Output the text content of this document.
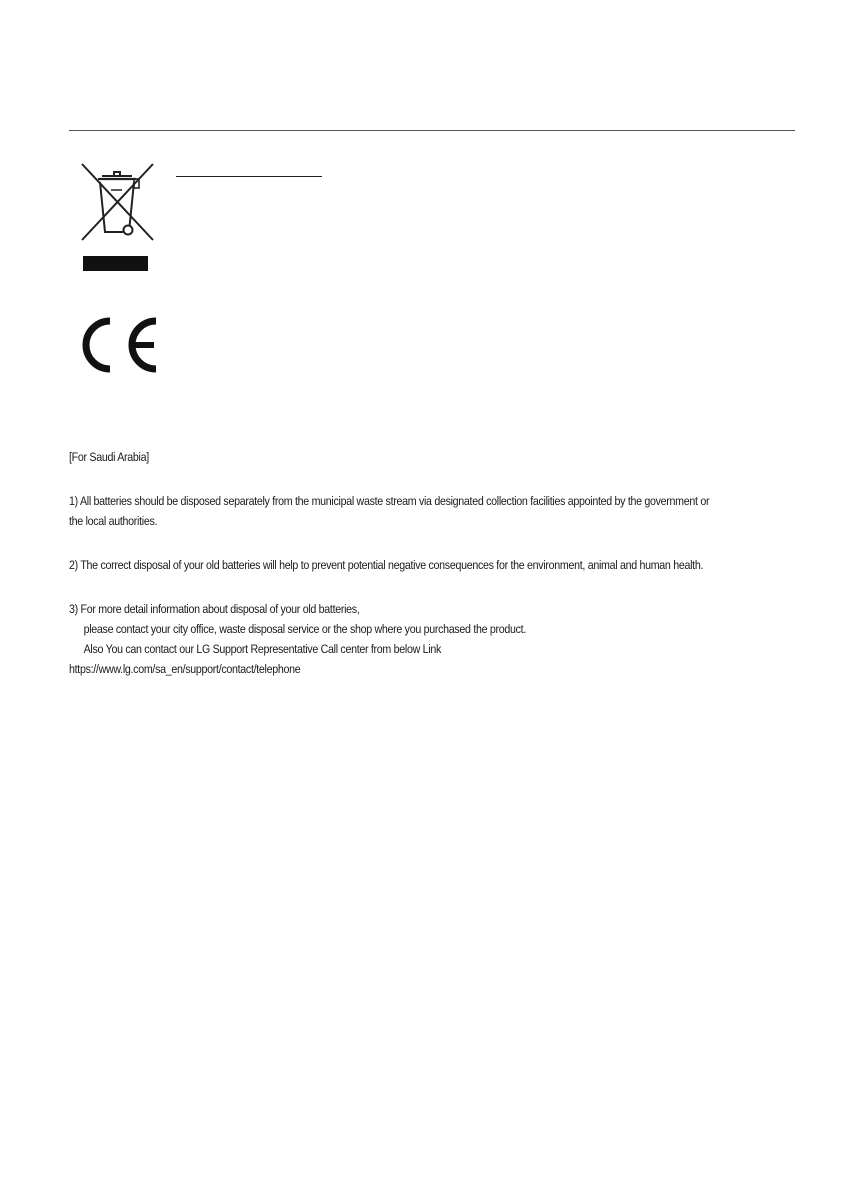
[For Saudi Arabia]

1) All batteries should be disposed separately from the municipal waste stream via designated collection facilities appointed by the government or

the local authorities.

2) The correct disposal of your old batteries will help to prevent potential negative consequences for the environment, animal and human health.

3) For more detail information about disposal of your old batteries,

please contact your city office, waste disposal service or the shop where you purchased the product.

Also You can contact our LG Support Representative Call center from below Link

https://www.lg.com/sa_en/support/contact/telephone
